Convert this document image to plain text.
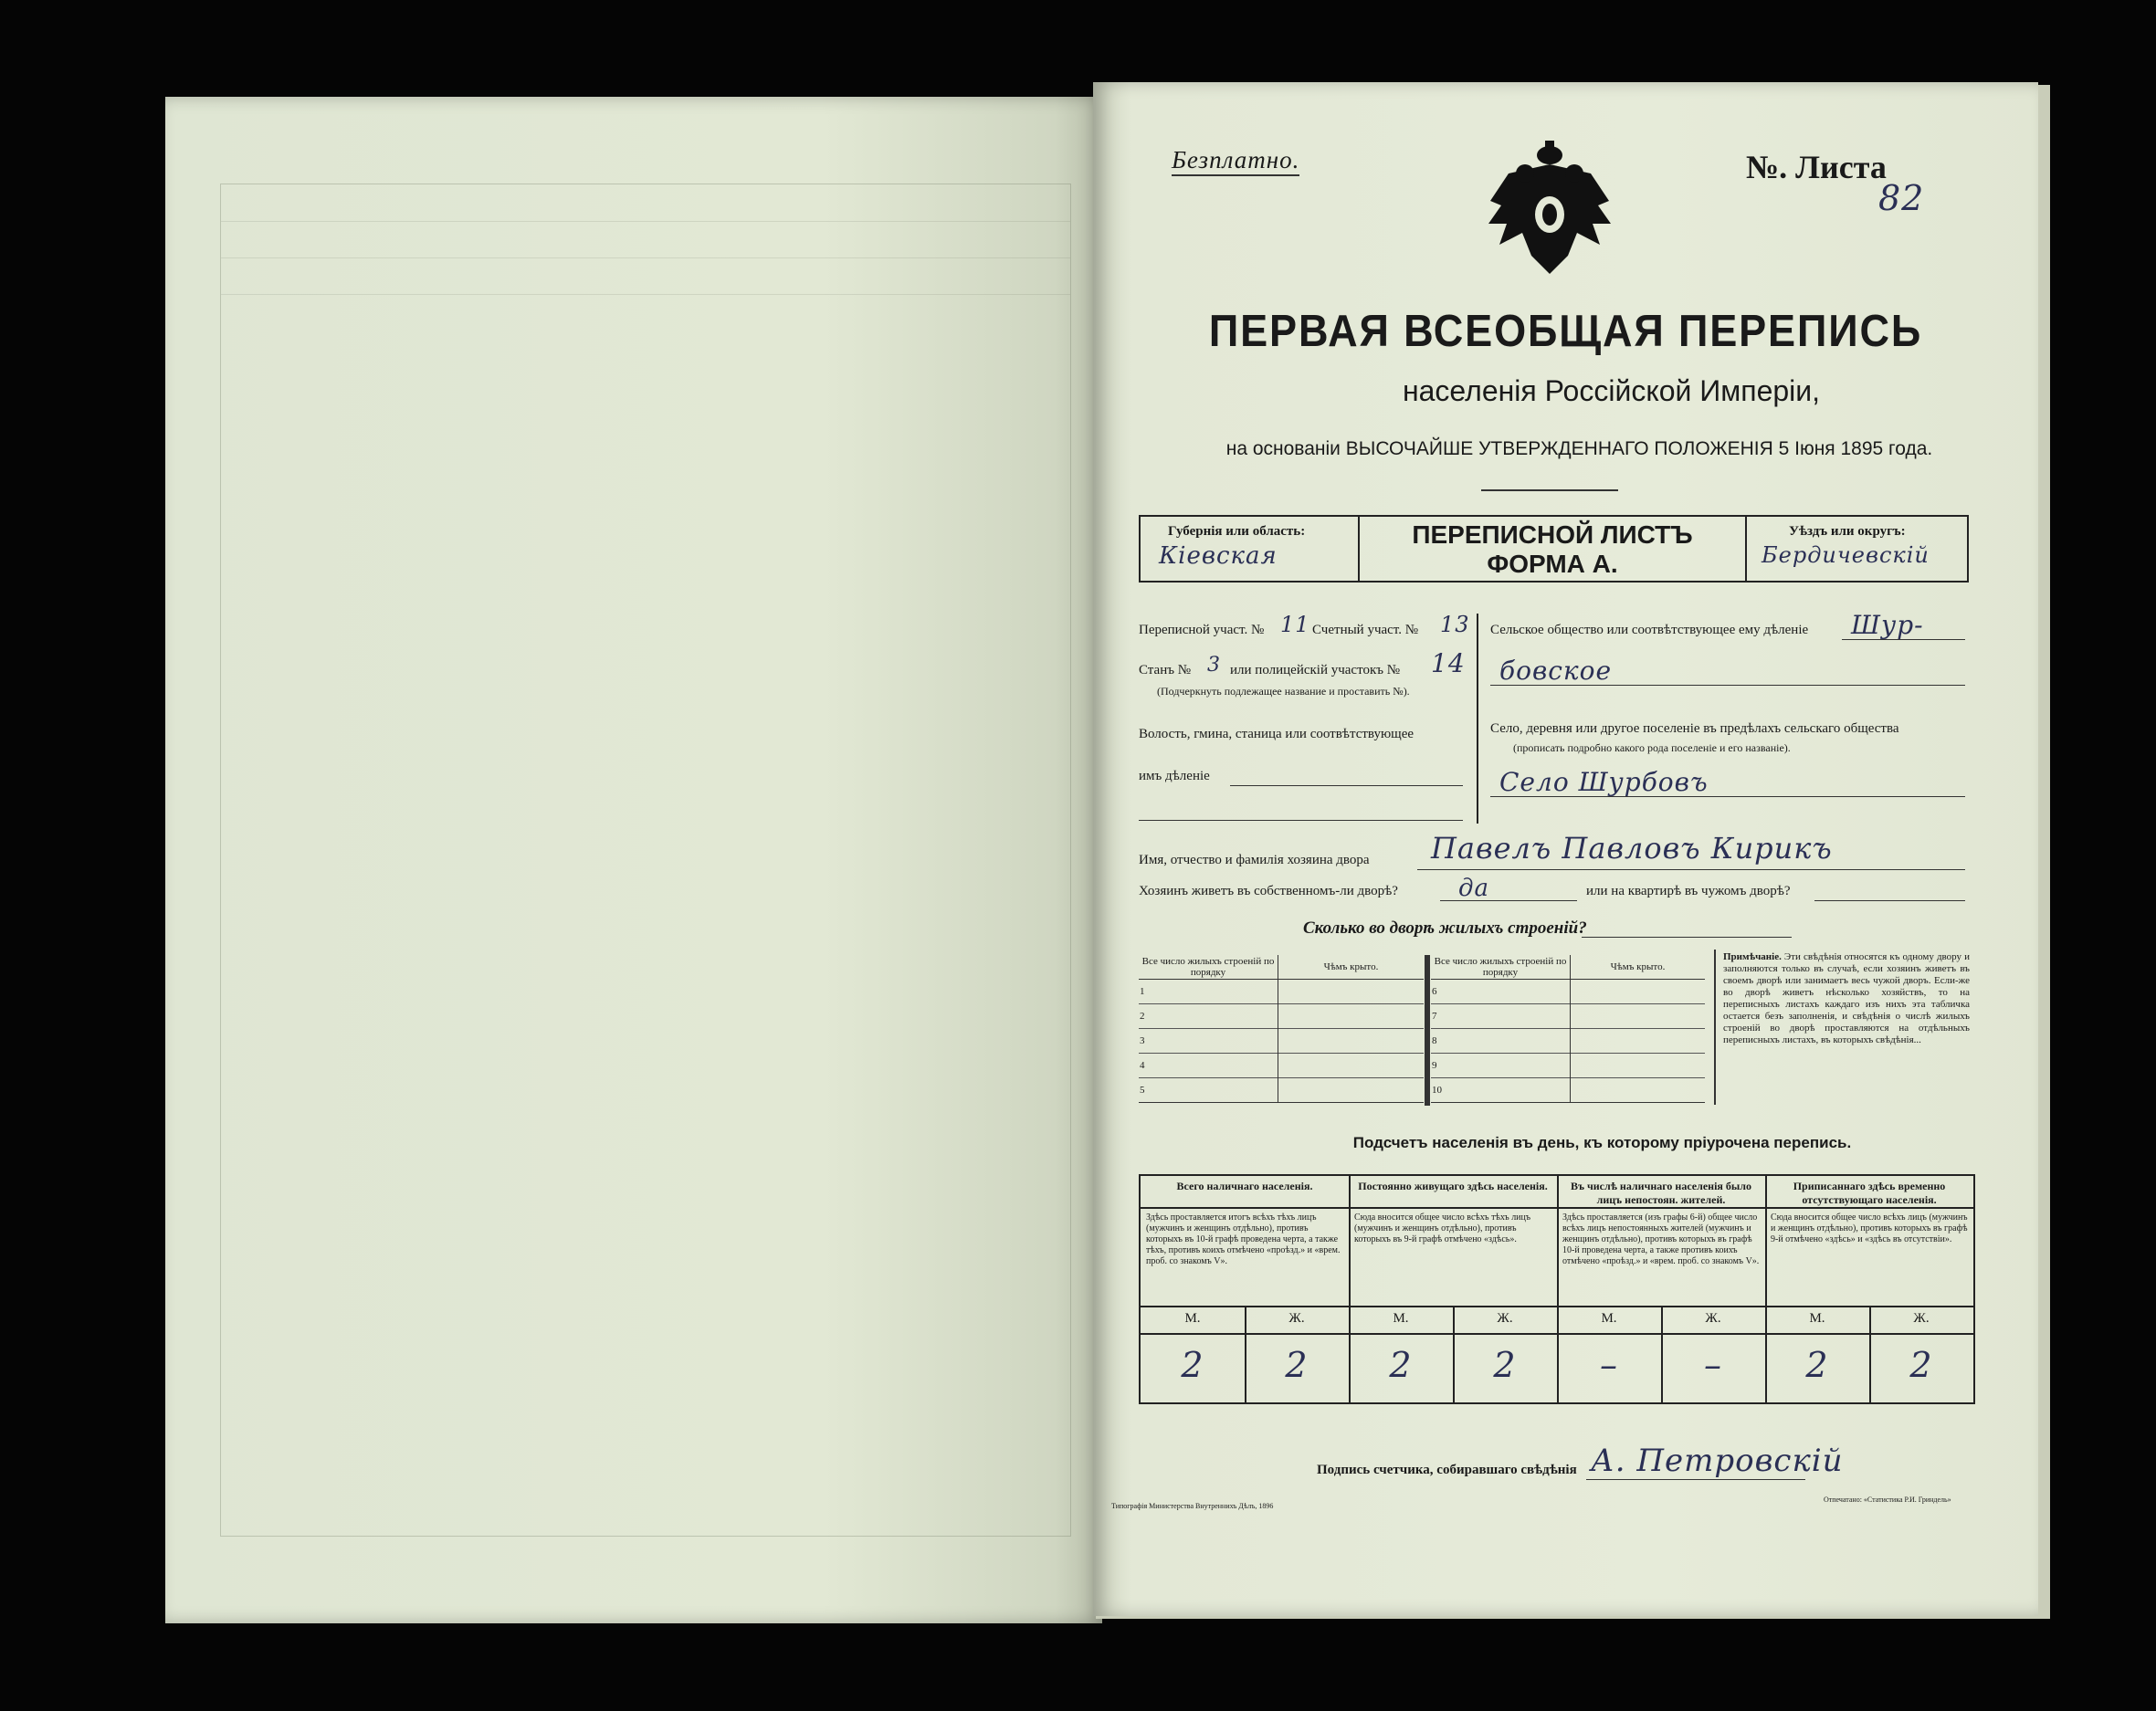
Безплатно.	№. Листа
82
ПЕРВАЯ ВСЕОБЩАЯ ПЕРЕПИСЬ
населенія Россійской Имперіи,
на основаніи ВЫСОЧАЙШЕ УТВЕРЖДЕННАГО ПОЛОЖЕНІЯ 5 Іюня 1895 года.
Губернія или область:
Кіевская
ПЕРЕПИСНОЙ ЛИСТЪ
ФОРМА А.
Уѣздъ или округъ:
Бердичевскій
Переписной участ. № 11 Счетный участ. № 13
Станъ № 3 или полицейскій участокъ № 14
(Подчеркнуть подлежащее название и проставить №).
Волость, гмина, станица или соотвѣтствующее
имъ дѣленіе
Сельское общество или соотвѣтствующее ему дѣленіе Шур-
бовское
Село, деревня или другое поселеніе въ предѣлахъ сельскаго общества
(прописать подробно какого рода поселеніе и его названіе).
Село Шурбовъ
Имя, отчество и фамилія хозяина двора Павелъ Павловъ Кирикъ
Хозяинъ живетъ въ собственномъ-ли дворѣ?	да	или на квартирѣ въ чужомъ дворѣ?
Сколько во дворѣ жилыхъ строеній?
Все число жилыхъ строеній по порядку	Чѣмъ крыто.
1	
2	
3	
4	
5	
Все число жилыхъ строеній по порядку	Чѣмъ крыто.
6	
7	
8	
9	
10	
Примѣчаніе. Эти свѣдѣнія относятся къ одному двору и заполняются только въ случаѣ, если хозяинъ живетъ въ своемъ дворѣ или занимаетъ весь чужой дворъ. Если-же во дворѣ живетъ нѣсколько хозяйствъ, то на переписныхъ листахъ каждаго изъ нихъ эта табличка остается безъ заполненія, и свѣдѣнія о числѣ жилыхъ строеній во дворѣ проставляются на отдѣльныхъ переписныхъ листахъ, въ которыхъ свѣдѣнія...
Подсчетъ населенія въ день, къ которому пріурочена перепись.
Всего наличнаго населенія.
Здѣсь проставляется итогъ всѣхъ тѣхъ лицъ (мужчинъ и женщинъ отдѣльно), противъ которыхъ въ 10-й графѣ проведена черта, а также тѣхъ, противъ коихъ отмѣчено «проѣзд.» и «врем. проб. со знакомъ V».
Постоянно живущаго здѣсь населенія.
Сюда вносится общее число всѣхъ тѣхъ лицъ (мужчинъ и женщинъ отдѣльно), противъ которыхъ въ 9-й графѣ отмѣчено «здѣсь».
Въ числѣ наличнаго населенія было лицъ непостоян. жителей.
Здѣсь проставляется (изъ графы 6-й) общее число всѣхъ лицъ непостоянныхъ жителей (мужчинъ и женщинъ отдѣльно), противъ которыхъ въ графѣ 10-й проведена черта, а также противъ коихъ отмѣчено «проѣзд.» и «врем. проб. со знакомъ V».
Приписаннаго здѣсь временно отсутствующаго населенія.
Сюда вносится общее число всѣхъ лицъ (мужчинъ и женщинъ отдѣльно), противъ которыхъ въ графѣ 9-й отмѣчено «здѣсь» и «здѣсь въ отсутствіи».
М.	Ж.	М.	Ж.	М.	Ж.	М.	Ж.
2	2	2	2	–	–	2	2
Подпись счетчика, собиравшаго свѣдѣнія А. Петровскій
Типографія Министерства Внутреннихъ Дѣлъ, 1896
Отпечатано: «Статистика Р.И. Гриндель»
